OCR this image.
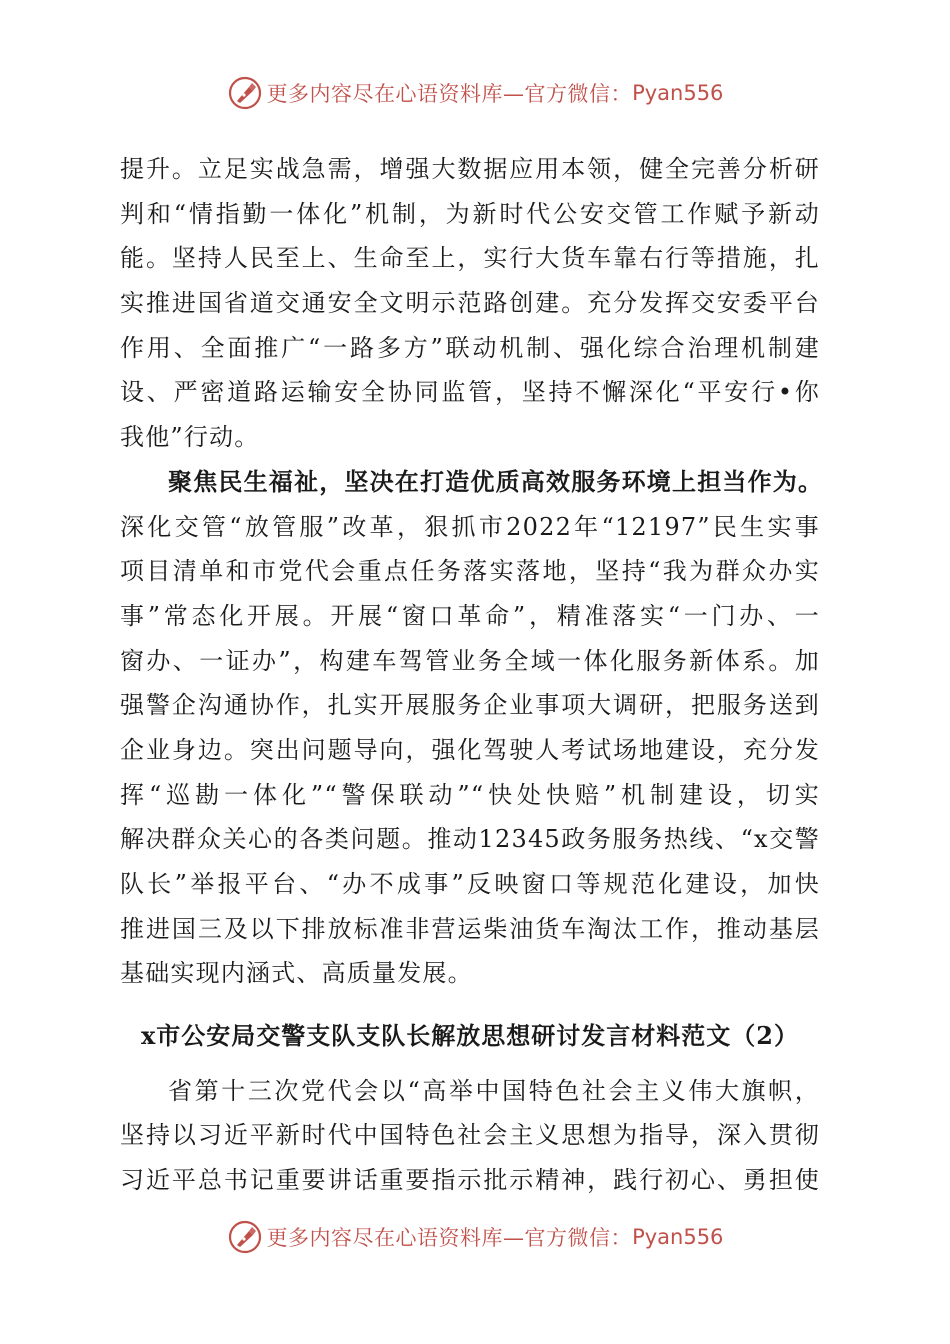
更多内容尽在心语资料库—官方微信： Pyan556
提升。立足实战急需，增强大数据应用本领，健全完善分析研
判和“情指勤一体化”机制，为新时代公安交管工作赋予新动
能。坚持人民至上、生命至上，实行大货车靠右行等措施，扎
实推进国省道交通安全文明示范路创建。充分发挥交安委平台
作用、全面推广“一路多方”联动机制、强化综合治理机制建
设、严密道路运输安全协同监管，坚持不懈深化“平安行•你
我他”行动。
聚焦民生福祉，坚决在打造优质高效服务环境上担当作为。
深化交管“放管服”改革，狠抓市2022年“12197”民生实事
项目清单和市党代会重点任务落实落地，坚持“我为群众办实
事”常态化开展。开展“窗口革命”，精准落实“一门办、一
窗办、一证办”，构建车驾管业务全域一体化服务新体系。加
强警企沟通协作，扎实开展服务企业事项大调研，把服务送到
企业身边。突出问题导向，强化驾驶人考试场地建设，充分发
挥“巡勘一体化”“警保联动”“快处快赔”机制建设，切实
解决群众关心的各类问题。推动12345政务服务热线、“x交警
队长”举报平台、“办不成事”反映窗口等规范化建设，加快
推进国三及以下排放标准非营运柴油货车淘汰工作，推动基层
基础实现内涵式、高质量发展。
x市公安局交警支队支队长解放思想研讨发言材料范文（2）
省第十三次党代会以“高举中国特色社会主义伟大旗帜，
坚持以习近平新时代中国特色社会主义思想为指导，深入贯彻
习近平总书记重要讲话重要指示批示精神，践行初心、勇担使
更多内容尽在心语资料库—官方微信： Pyan556
